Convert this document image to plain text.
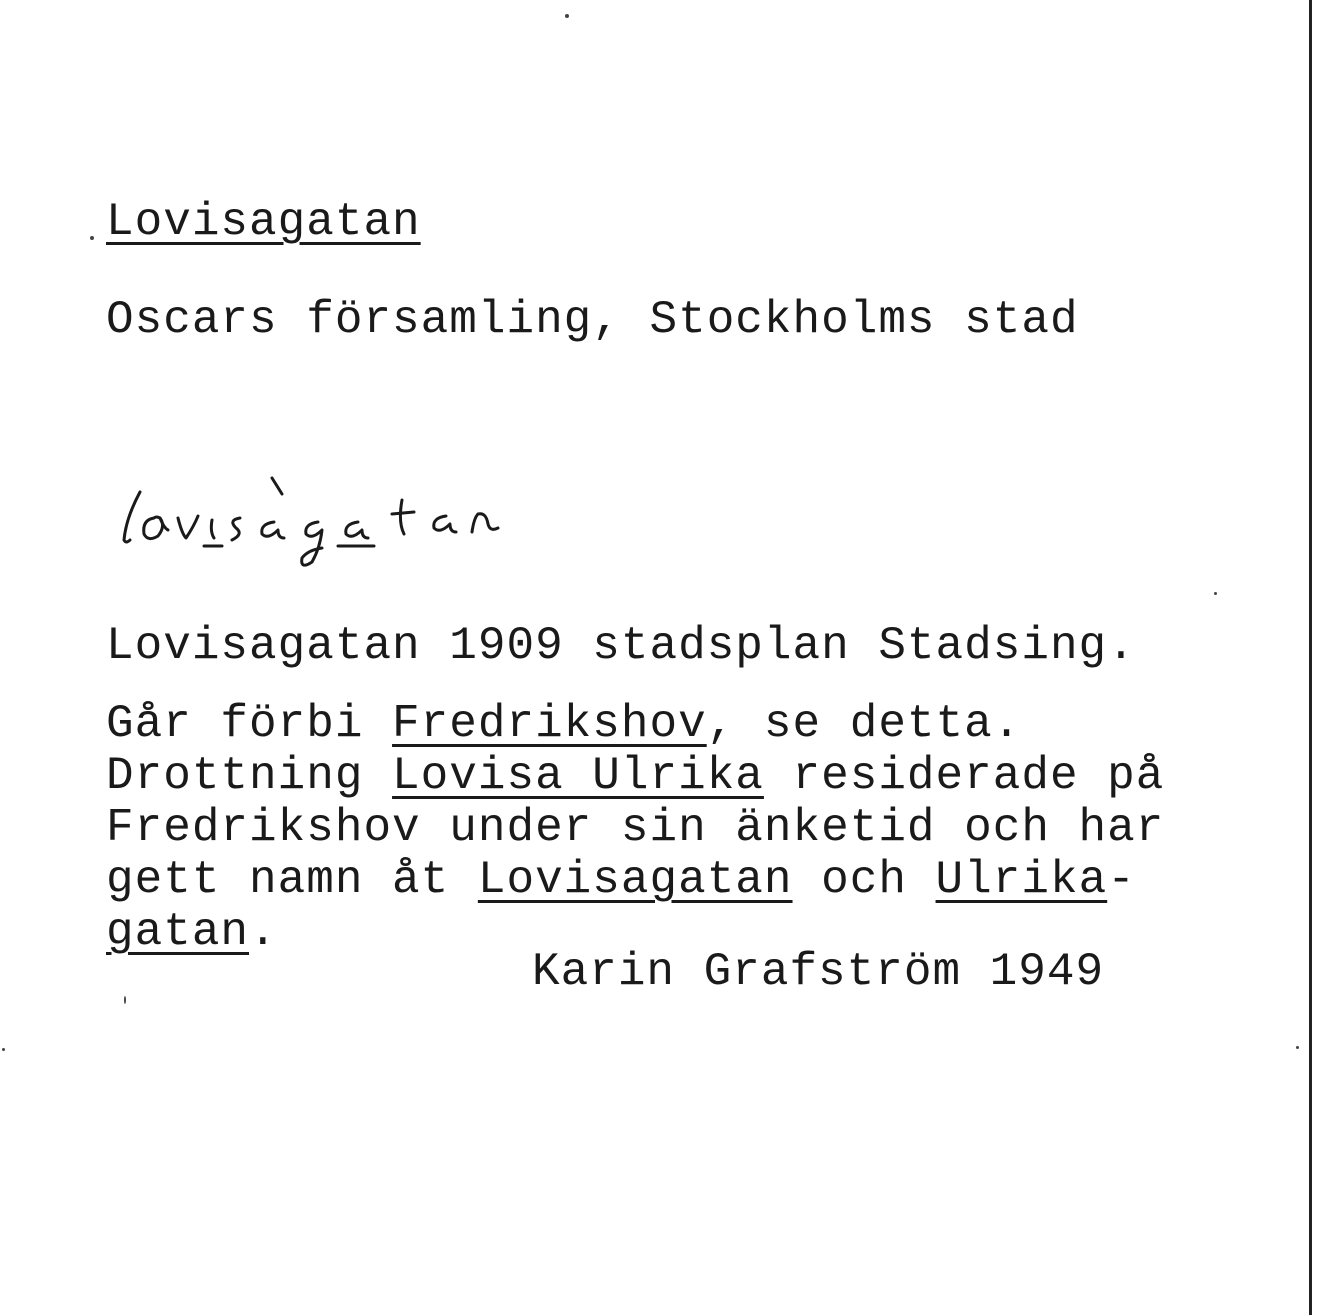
Lovisagatan

Oscars församling, Stockholms stad

Lovisagatan 1909 stadsplan Stadsing.

Går förbi Fredrikshov, se detta.

Drottning Lovisa Ulrika residerade på

Fredrikshov under sin änketid och har

gett namn åt Lovisagatan och Ulrika-

gatan.

Karin Grafström 1949
